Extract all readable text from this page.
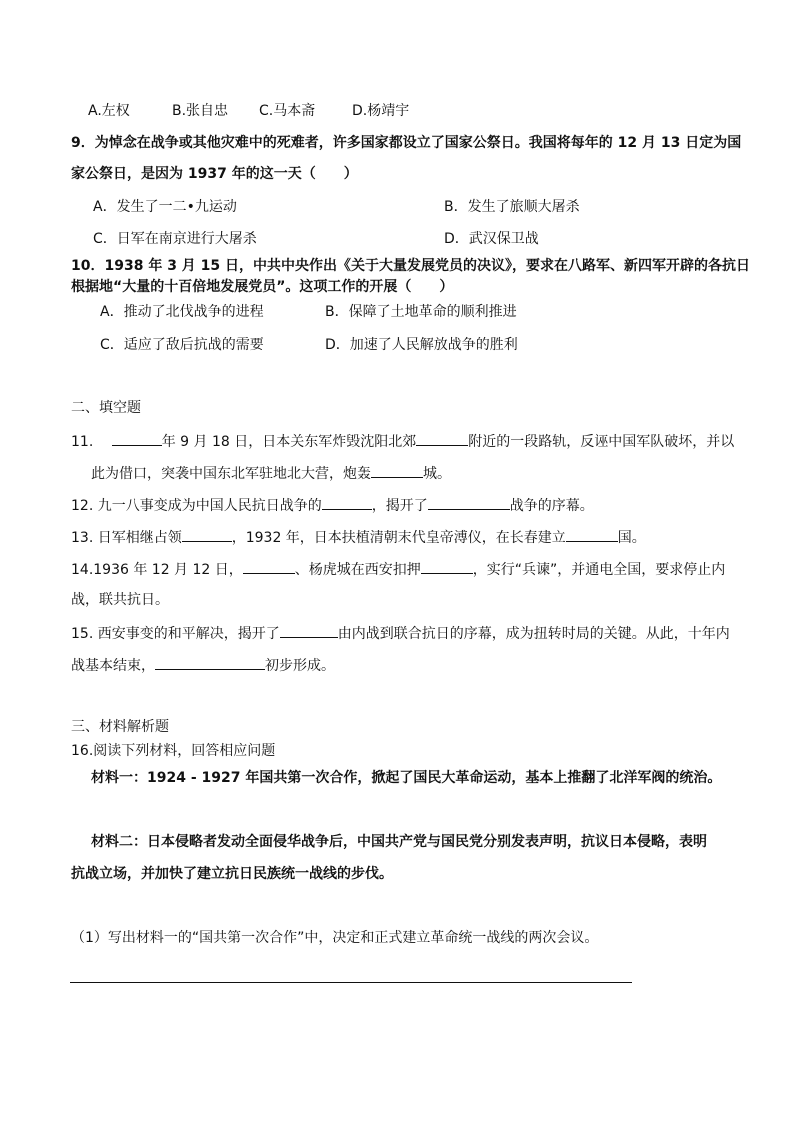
A.左权	B.张自忠 C.马本斋	D.杨靖宇
9．为悼念在战争或其他灾难中的死难者，许多国家都设立了国家公祭日。我国将每年的 12 月 13 日定为国
家公祭日，是因为 1937 年的这一天（　　）
A．发生了一二•九运动	B．发生了旅顺大屠杀
C．日军在南京进行大屠杀	D．武汉保卫战
10．1938 年 3 月 15 日，中共中央作出《关于大量发展党员的决议》，要求在八路军、新四军开辟的各抗日
根据地“大量的十百倍地发展党员”。这项工作的开展（　　）
A．推动了北伐战争的进程	B．保障了土地革命的顺利推进
C．适应了敌后抗战的需要	D．加速了人民解放战争的胜利
二、填空题
11.	年 9 月 18 日，日本关东军炸毁沈阳北郊	附近的一段路轨，反诬中国军队破坏，并以
此为借口，突袭中国东北军驻地北大营，炮轰	城。
12. 九一八事变成为中国人民抗日战争的	，揭开了	战争的序幕。
13. 日军相继占领	，1932 年，日本扶植清朝末代皇帝溥仪，在长春建立	国。
14.1936 年 12 月 12 日，	、杨虎城在西安扣押	，实行“兵谏”，并通电全国，要求停止内
战，联共抗日。
15. 西安事变的和平解决，揭开了	由内战到联合抗日的序幕，成为扭转时局的关键。从此，十年内
战基本结束，	初步形成。
三、材料解析题
16.阅读下列材料，回答相应问题
材料一：1924 - 1927 年国共第一次合作，掀起了国民大革命运动，基本上推翻了北洋军阀的统治。
材料二：日本侵略者发动全面侵华战争后，中国共产党与国民党分别发表声明，抗议日本侵略，表明
抗战立场，并加快了建立抗日民族统一战线的步伐。
（1）写出材料一的“国共第一次合作”中，决定和正式建立革命统一战线的两次会议。
